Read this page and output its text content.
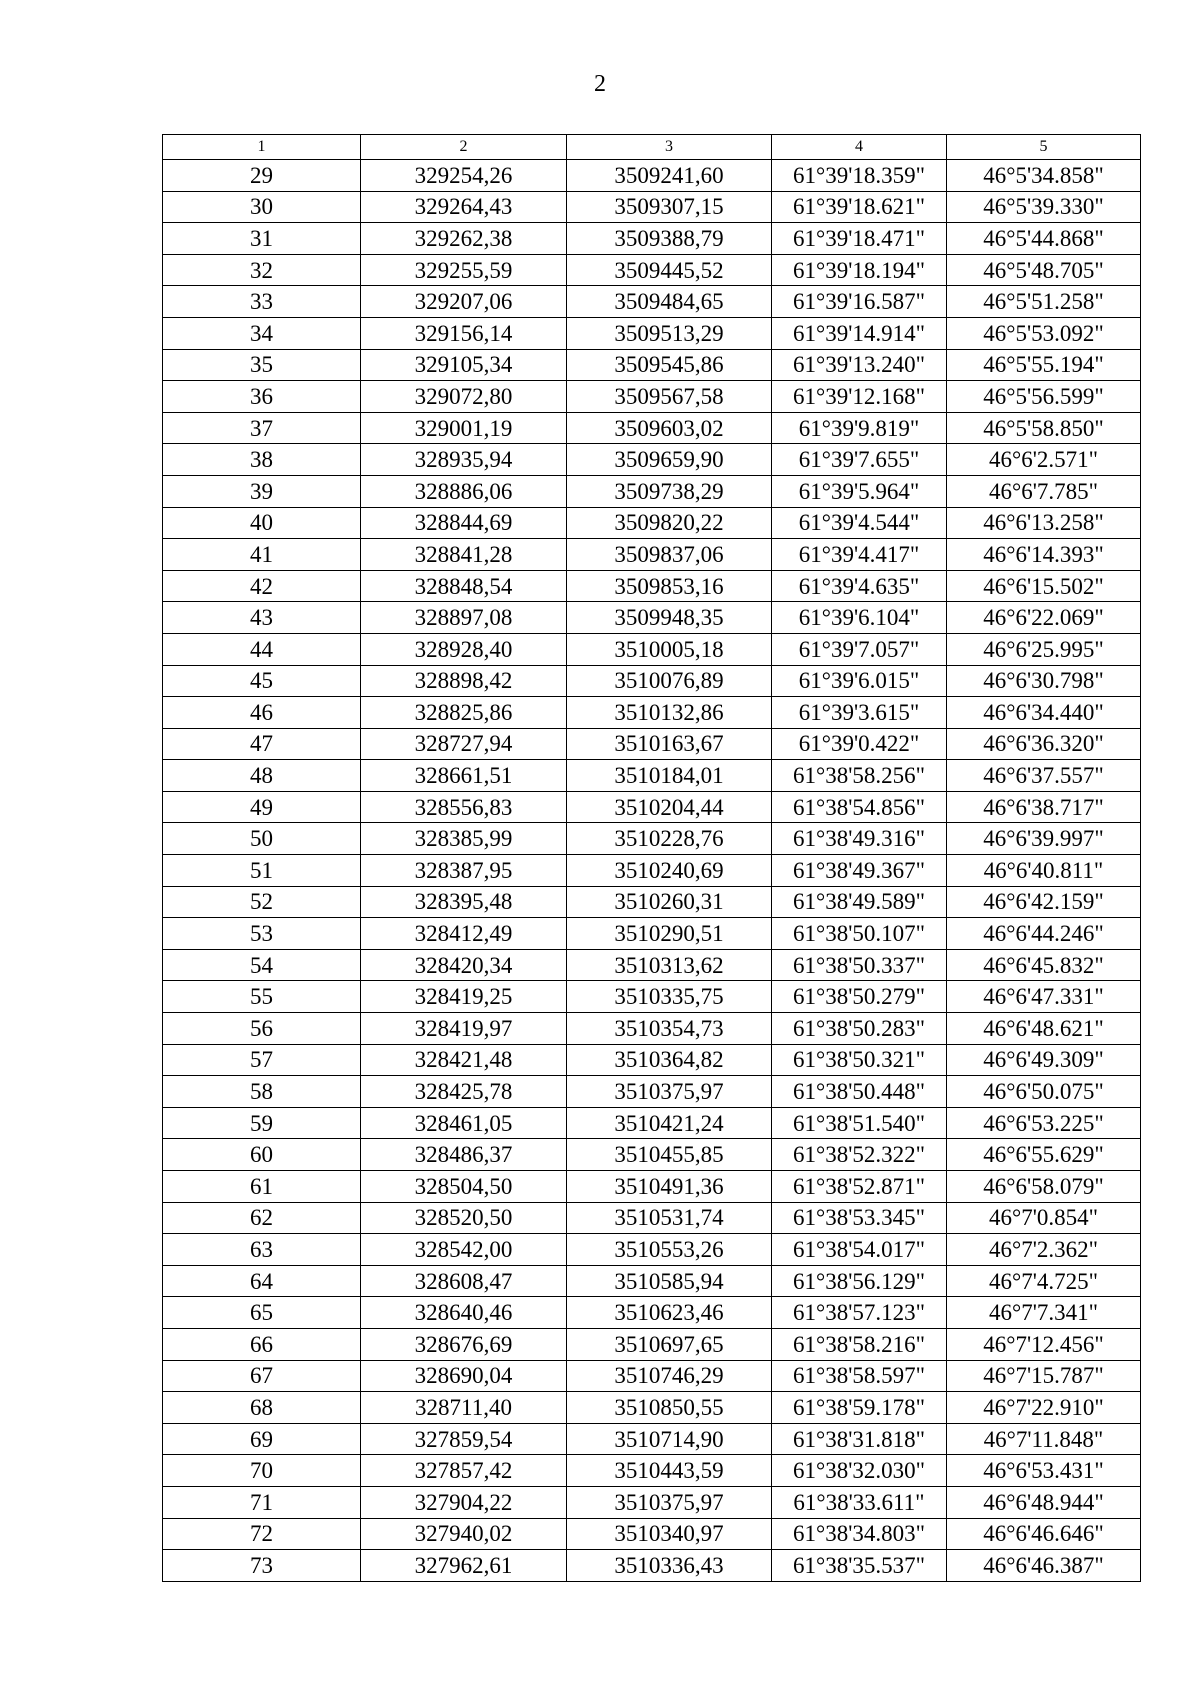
2
1	2	3	4	5
29	329254,26	3509241,60	61°39'18.359"	46°5'34.858"
30	329264,43	3509307,15	61°39'18.621"	46°5'39.330"
31	329262,38	3509388,79	61°39'18.471"	46°5'44.868"
32	329255,59	3509445,52	61°39'18.194"	46°5'48.705"
33	329207,06	3509484,65	61°39'16.587"	46°5'51.258"
34	329156,14	3509513,29	61°39'14.914"	46°5'53.092"
35	329105,34	3509545,86	61°39'13.240"	46°5'55.194"
36	329072,80	3509567,58	61°39'12.168"	46°5'56.599"
37	329001,19	3509603,02	61°39'9.819"	46°5'58.850"
38	328935,94	3509659,90	61°39'7.655"	46°6'2.571"
39	328886,06	3509738,29	61°39'5.964"	46°6'7.785"
40	328844,69	3509820,22	61°39'4.544"	46°6'13.258"
41	328841,28	3509837,06	61°39'4.417"	46°6'14.393"
42	328848,54	3509853,16	61°39'4.635"	46°6'15.502"
43	328897,08	3509948,35	61°39'6.104"	46°6'22.069"
44	328928,40	3510005,18	61°39'7.057"	46°6'25.995"
45	328898,42	3510076,89	61°39'6.015"	46°6'30.798"
46	328825,86	3510132,86	61°39'3.615"	46°6'34.440"
47	328727,94	3510163,67	61°39'0.422"	46°6'36.320"
48	328661,51	3510184,01	61°38'58.256"	46°6'37.557"
49	328556,83	3510204,44	61°38'54.856"	46°6'38.717"
50	328385,99	3510228,76	61°38'49.316"	46°6'39.997"
51	328387,95	3510240,69	61°38'49.367"	46°6'40.811"
52	328395,48	3510260,31	61°38'49.589"	46°6'42.159"
53	328412,49	3510290,51	61°38'50.107"	46°6'44.246"
54	328420,34	3510313,62	61°38'50.337"	46°6'45.832"
55	328419,25	3510335,75	61°38'50.279"	46°6'47.331"
56	328419,97	3510354,73	61°38'50.283"	46°6'48.621"
57	328421,48	3510364,82	61°38'50.321"	46°6'49.309"
58	328425,78	3510375,97	61°38'50.448"	46°6'50.075"
59	328461,05	3510421,24	61°38'51.540"	46°6'53.225"
60	328486,37	3510455,85	61°38'52.322"	46°6'55.629"
61	328504,50	3510491,36	61°38'52.871"	46°6'58.079"
62	328520,50	3510531,74	61°38'53.345"	46°7'0.854"
63	328542,00	3510553,26	61°38'54.017"	46°7'2.362"
64	328608,47	3510585,94	61°38'56.129"	46°7'4.725"
65	328640,46	3510623,46	61°38'57.123"	46°7'7.341"
66	328676,69	3510697,65	61°38'58.216"	46°7'12.456"
67	328690,04	3510746,29	61°38'58.597"	46°7'15.787"
68	328711,40	3510850,55	61°38'59.178"	46°7'22.910"
69	327859,54	3510714,90	61°38'31.818"	46°7'11.848"
70	327857,42	3510443,59	61°38'32.030"	46°6'53.431"
71	327904,22	3510375,97	61°38'33.611"	46°6'48.944"
72	327940,02	3510340,97	61°38'34.803"	46°6'46.646"
73	327962,61	3510336,43	61°38'35.537"	46°6'46.387"
